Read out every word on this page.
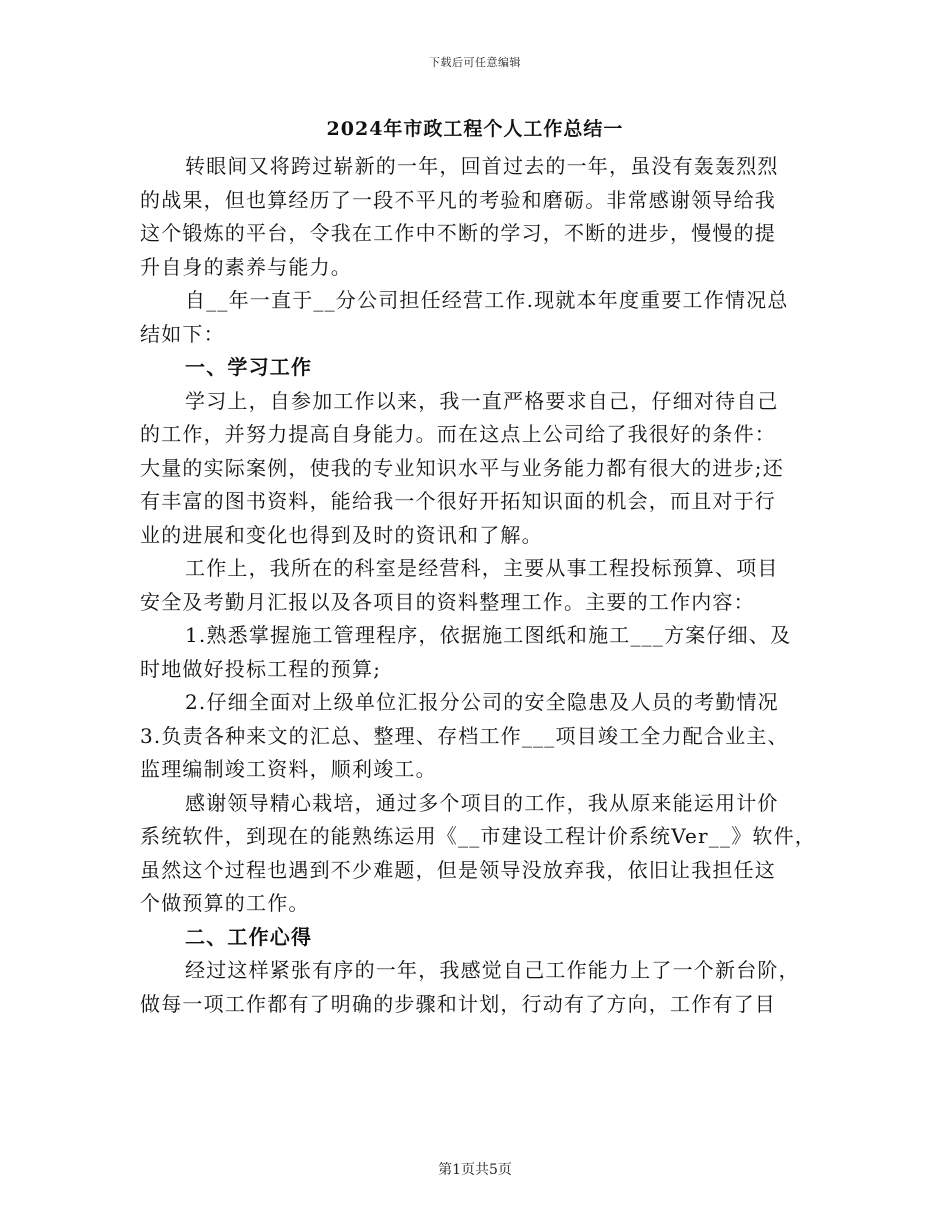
下载后可任意编辑
2024年市政工程个人工作总结一
转眼间又将跨过崭新的一年，回首过去的一年，虽没有轰轰烈烈
的战果，但也算经历了一段不平凡的考验和磨砺。非常感谢领导给我
这个锻炼的平台，令我在工作中不断的学习，不断的进步，慢慢的提
升自身的素养与能力。
自__年一直于__分公司担任经营工作.现就本年度重要工作情况总
结如下：
一、学习工作
学习上，自参加工作以来，我一直严格要求自己，仔细对待自己
的工作，并努力提高自身能力。而在这点上公司给了我很好的条件：
大量的实际案例，使我的专业知识水平与业务能力都有很大的进步;还
有丰富的图书资料，能给我一个很好开拓知识面的机会，而且对于行
业的进展和变化也得到及时的资讯和了解。
工作上，我所在的科室是经营科，主要从事工程投标预算、项目
安全及考勤月汇报以及各项目的资料整理工作。主要的工作内容：
1.熟悉掌握施工管理程序，依据施工图纸和施工___方案仔细、及
时地做好投标工程的预算;
2.仔细全面对上级单位汇报分公司的安全隐患及人员的考勤情况
3.负责各种来文的汇总、整理、存档工作___项目竣工全力配合业主、
监理编制竣工资料，顺利竣工。
感谢领导精心栽培，通过多个项目的工作，我从原来能运用计价
系统软件，到现在的能熟练运用《__市建设工程计价系统Ver__》软件，
虽然这个过程也遇到不少难题，但是领导没放弃我，依旧让我担任这
个做预算的工作。
二、工作心得
经过这样紧张有序的一年，我感觉自己工作能力上了一个新台阶，
做每一项工作都有了明确的步骤和计划，行动有了方向，工作有了目
第1页共5页
